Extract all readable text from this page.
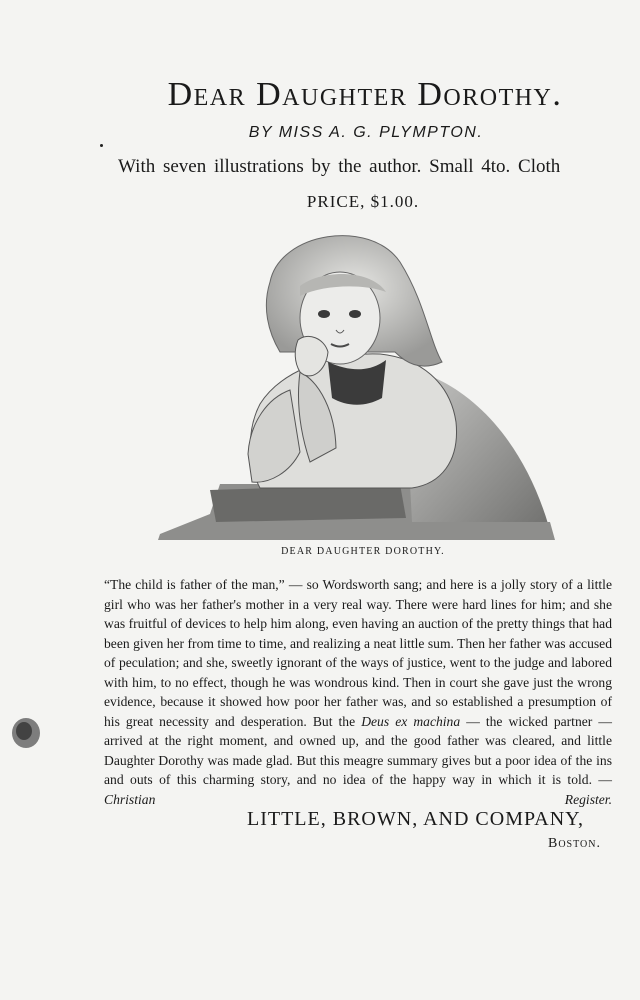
Dear Daughter Dorothy.
BY MISS A. G. PLYMPTON.
With seven illustrations by the author. Small 4to. Cloth
PRICE, $1.00.
DEAR DAUGHTER DOROTHY.
“The child is father of the man,” — so Wordsworth sang; and here is a jolly story of a little girl who was her father's mother in a very real way. There were hard lines for him; and she was fruitful of devices to help him along, even having an auction of the pretty things that had been given her from time to time, and realizing a neat little sum. Then her father was accused of peculation; and she, sweetly ignorant of the ways of justice, went to the judge and labored with him, to no effect, though he was wondrous kind. Then in court she gave just the wrong evidence, because it showed how poor her father was, and so established a presumption of his great necessity and desperation. But the Deus ex machina — the wicked partner — arrived at the right moment, and owned up, and the good father was cleared, and little Daughter Dorothy was made glad. But this meagre summary gives but a poor idea of the ins and outs of this charming story, and no idea of the happy way in which it is told. — Christian Register.
LITTLE, BROWN, AND COMPANY,
Boston.
